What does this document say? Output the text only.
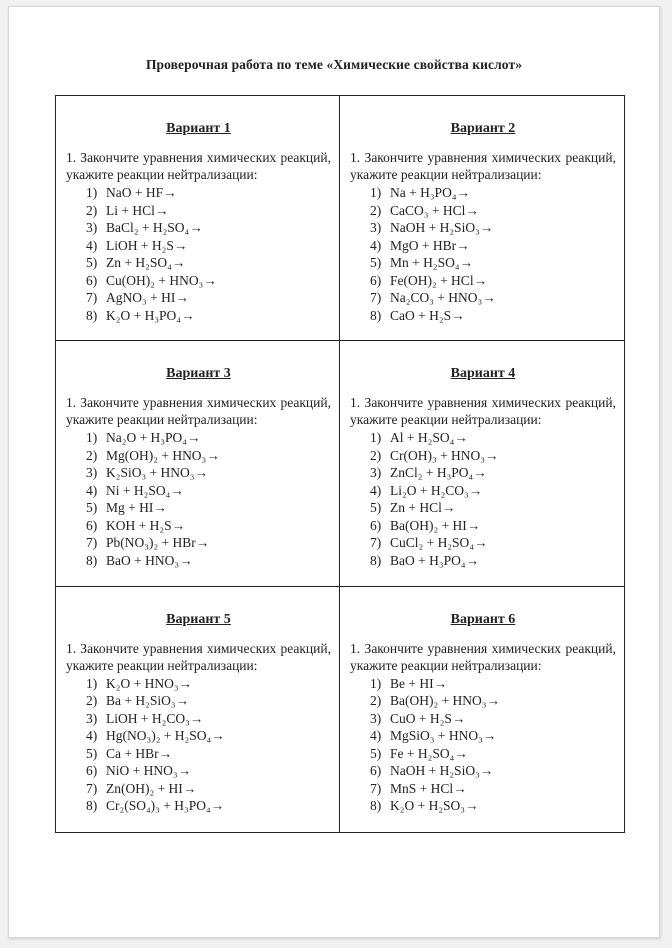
Проверочная работа по теме «Химические свойства кислот»
Вариант 1
1. Закончите уравнения химических реакций, укажите реакции нейтрализации:
1) NaO + HF→
2) Li + HCl→
3) BaCl₂ + H₂SO₄→
4) LiOH + H₂S→
5) Zn + H₂SO₄→
6) Cu(OH)₂ + HNO₃→
7) AgNO₃ + HI→
8) K₂O + H₃PO₄→
Вариант 2
1. Закончите уравнения химических реакций, укажите реакции нейтрализации:
1) Na + H₃PO₄→
2) CaCO₃ + HCl→
3) NaOH + H₂SiO₃→
4) MgO + HBr→
5) Mn + H₂SO₄→
6) Fe(OH)₂ + HCl→
7) Na₂CO₃ + HNO₃→
8) CaO + H₂S→
Вариант 3
1. Закончите уравнения химических реакций, укажите реакции нейтрализации:
1) Na₂O + H₃PO₄→
2) Mg(OH)₂ + HNO₃→
3) K₂SiO₃ + HNO₃→
4) Ni + H₂SO₄→
5) Mg + HI→
6) KOH + H₂S→
7) Pb(NO₃)₂ + HBr→
8) BaO + HNO₃→
Вариант 4
1. Закончите уравнения химических реакций, укажите реакции нейтрализации:
1) Al + H₂SO₄→
2) Cr(OH)₃ + HNO₃→
3) ZnCl₂ + H₃PO₄→
4) Li₂O + H₂CO₃→
5) Zn + HCl→
6) Ba(OH)₂ + HI→
7) CuCl₂ + H₂SO₄→
8) BaO + H₃PO₄→
Вариант 5
1. Закончите уравнения химических реакций, укажите реакции нейтрализации:
1) K₂O + HNO₃→
2) Ba + H₂SiO₃→
3) LiOH + H₂CO₃→
4) Hg(NO₃)₂ + H₂SO₄→
5) Ca + HBr→
6) NiO + HNO₃→
7) Zn(OH)₂ + HI→
8) Cr₂(SO₄)₃ + H₃PO₄→
Вариант 6
1. Закончите уравнения химических реакций, укажите реакции нейтрализации:
1) Be + HI→
2) Ba(OH)₂ + HNO₃→
3) CuO + H₂S→
4) MgSiO₃ + HNO₃→
5) Fe + H₂SO₄→
6) NaOH + H₂SiO₃→
7) MnS + HCl→
8) K₂O + H₂SO₃→
